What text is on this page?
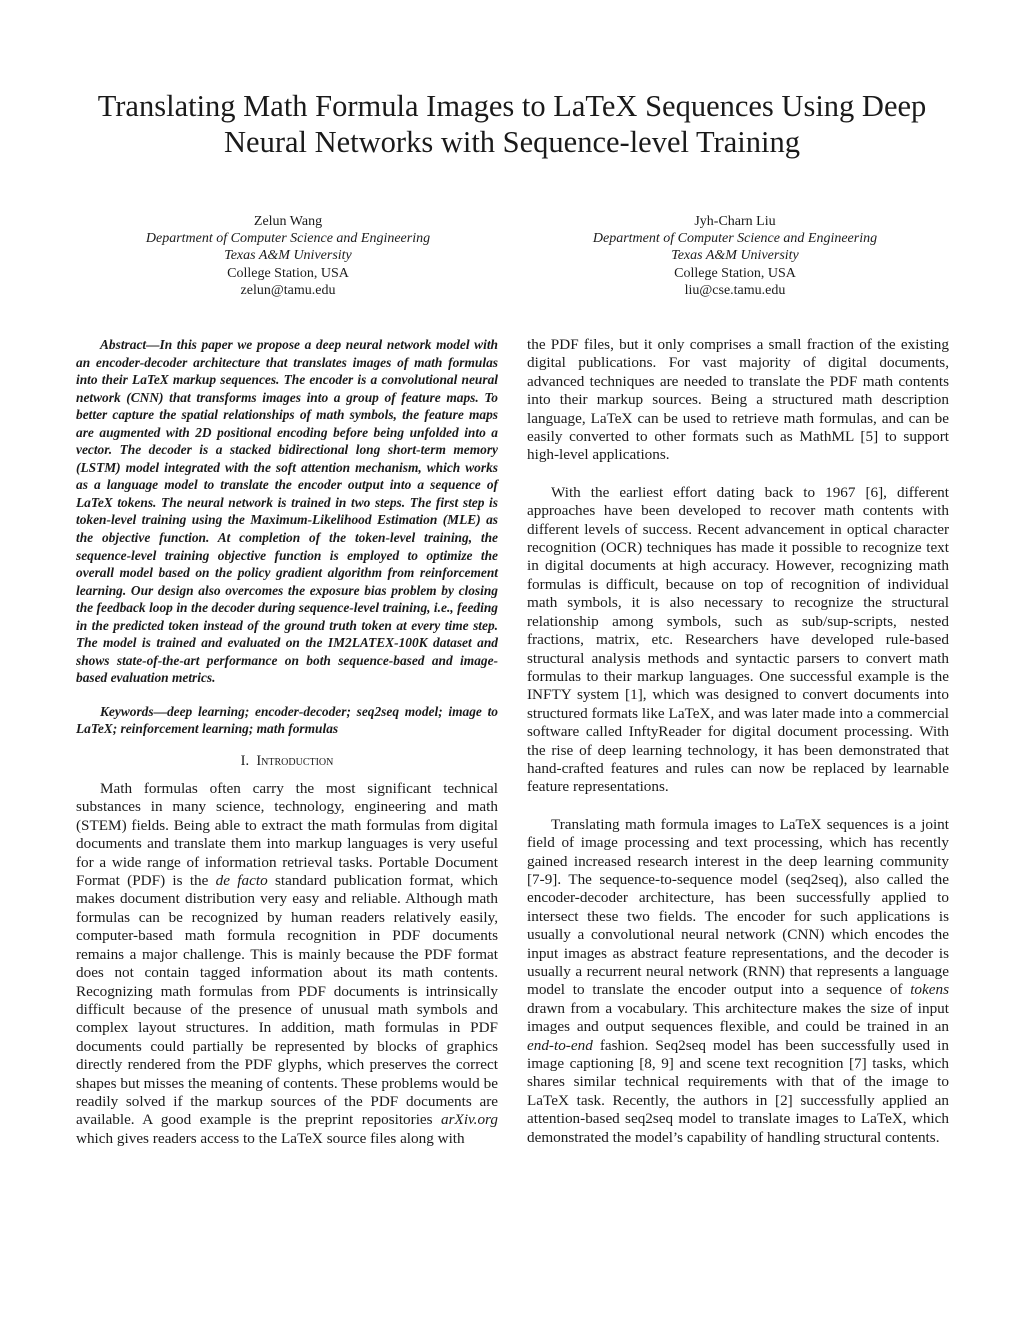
Translating Math Formula Images to LaTeX Sequences Using Deep
Neural Networks with Sequence-level Training
Zelun Wang
Department of Computer Science and Engineering
Texas A&M University
College Station, USA
zelun@tamu.edu
Jyh-Charn Liu
Department of Computer Science and Engineering
Texas A&M University
College Station, USA
liu@cse.tamu.edu

Abstract—In this paper we propose a deep neural network model with an encoder-decoder architecture that translates images of math formulas into their LaTeX markup sequences. The encoder is a convolutional neural network (CNN) that transforms images into a group of feature maps. To better capture the spatial relationships of math symbols, the feature maps are augmented with 2D positional encoding before being unfolded into a vector. The decoder is a stacked bidirectional long short-term memory (LSTM) model integrated with the soft attention mechanism, which works as a language model to translate the encoder output into a sequence of LaTeX tokens. The neural network is trained in two steps. The first step is token-level training using the Maximum-Likelihood Estimation (MLE) as the objective function. At completion of the token-level training, the sequence-level training objective function is employed to optimize the overall model based on the policy gradient algorithm from reinforcement learning. Our design also overcomes the exposure bias problem by closing the feedback loop in the decoder during sequence-level training, i.e., feeding in the predicted token instead of the ground truth token at every time step. The model is trained and evaluated on the IM2LATEX-100K dataset and shows state-of-the-art performance on both sequence-based and image-based evaluation metrics.

Keywords—deep learning; encoder-decoder; seq2seq model; image to LaTeX; reinforcement learning; math formulas

I. Introduction

Math formulas often carry the most significant technical substances in many science, technology, engineering and math (STEM) fields. Being able to extract the math formulas from digital documents and translate them into markup languages is very useful for a wide range of information retrieval tasks. Portable Document Format (PDF) is the de facto standard publication format, which makes document distribution very easy and reliable. Although math formulas can be recognized by human readers relatively easily, computer-based math formula recognition in PDF documents remains a major challenge. This is mainly because the PDF format does not contain tagged information about its math contents. Recognizing math formulas from PDF documents is intrinsically difficult because of the presence of unusual math symbols and complex layout structures. In addition, math formulas in PDF documents could partially be represented by blocks of graphics directly rendered from the PDF glyphs, which preserves the correct shapes but misses the meaning of contents. These problems would be readily solved if the markup sources of the PDF documents are available. A good example is the preprint repositories arXiv.org which gives readers access to the LaTeX source files along with

the PDF files, but it only comprises a small fraction of the existing digital publications. For vast majority of digital documents, advanced techniques are needed to translate the PDF math contents into their markup sources. Being a structured math description language, LaTeX can be used to retrieve math formulas, and can be easily converted to other formats such as MathML [5] to support high-level applications.

With the earliest effort dating back to 1967 [6], different approaches have been developed to recover math contents with different levels of success. Recent advancement in optical character recognition (OCR) techniques has made it possible to recognize text in digital documents at high accuracy. However, recognizing math formulas is difficult, because on top of recognition of individual math symbols, it is also necessary to recognize the structural relationship among symbols, such as sub/sup-scripts, nested fractions, matrix, etc. Researchers have developed rule-based structural analysis methods and syntactic parsers to convert math formulas to their markup languages. One successful example is the INFTY system [1], which was designed to convert documents into structured formats like LaTeX, and was later made into a commercial software called InftyReader for digital document processing. With the rise of deep learning technology, it has been demonstrated that hand-crafted features and rules can now be replaced by learnable feature representations.

Translating math formula images to LaTeX sequences is a joint field of image processing and text processing, which has recently gained increased research interest in the deep learning community [7-9]. The sequence-to-sequence model (seq2seq), also called the encoder-decoder architecture, has been successfully applied to intersect these two fields. The encoder for such applications is usually a convolutional neural network (CNN) which encodes the input images as abstract feature representations, and the decoder is usually a recurrent neural network (RNN) that represents a language model to translate the encoder output into a sequence of tokens drawn from a vocabulary. This architecture makes the size of input images and output sequences flexible, and could be trained in an end-to-end fashion. Seq2seq model has been successfully used in image captioning [8, 9] and scene text recognition [7] tasks, which shares similar technical requirements with that of the image to LaTeX task. Recently, the authors in [2] successfully applied an attention-based seq2seq model to translate images to LaTeX, which demonstrated the model’s capability of handling structural contents.
